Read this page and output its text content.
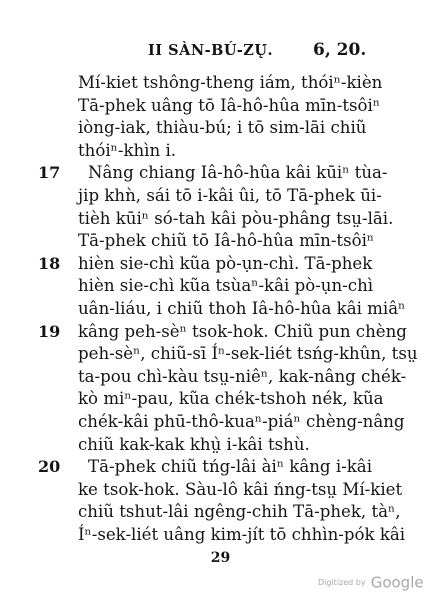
II SÀN-BÚ-ZŲ́. 6, 20.
Mí-kiet tshông-theng iám, thóiⁿ-kièn
Tā-phek uâng tō Iâ-hô-hûa mīn-tsôiⁿ
iòng-iak, thiàu-bú; i tō sim-lāi chiũ
thóiⁿ-khìn i.
17 Nâng chiang Iâ-hô-hûa kâi kūiⁿ tùa-
jip khǹ, sái tō i-kâi ûi, tō Tā-phek ūi-
tièh kūiⁿ só-tah kâi pòu-phâng tsṳ-lāi.
Tā-phek chiũ tō Iâ-hô-hûa mīn-tsôiⁿ
18 hièn sie-chì kũa pò-ụn-chì. Tā-phek
hièn sie-chì kũa tsùaⁿ-kâi pò-ụn-chì
uân-liáu, i chiũ thoh Iâ-hô-hûa kâi miâⁿ
19 kâng peh-sèⁿ tsok-hok. Chiũ pun chèng
peh-sèⁿ, chiũ-sī Íⁿ-sek-liét tsńg-khûn, tsṳ
ta-pou chì-kàu tsṳ-niêⁿ, kak-nâng chék-
kò miⁿ-pau, kũa chék-tshoh nék, kũa
chék-kâi phū-thô-kuaⁿ-piáⁿ chèng-nâng
chiũ kak-kak khṳ̀ i-kâi tshù.
20 Tā-phek chiũ tńg-lâi àiⁿ kâng i-kâi
ke tsok-hok. Sàu-lô kâi ńng-tsṳ Mí-kiet
chiũ tshut-lâi ngêng-chih Tā-phek, tàⁿ,
Íⁿ-sek-liét uâng kim-jít tō chhìn-pók kâi
29
Digitized by Google
